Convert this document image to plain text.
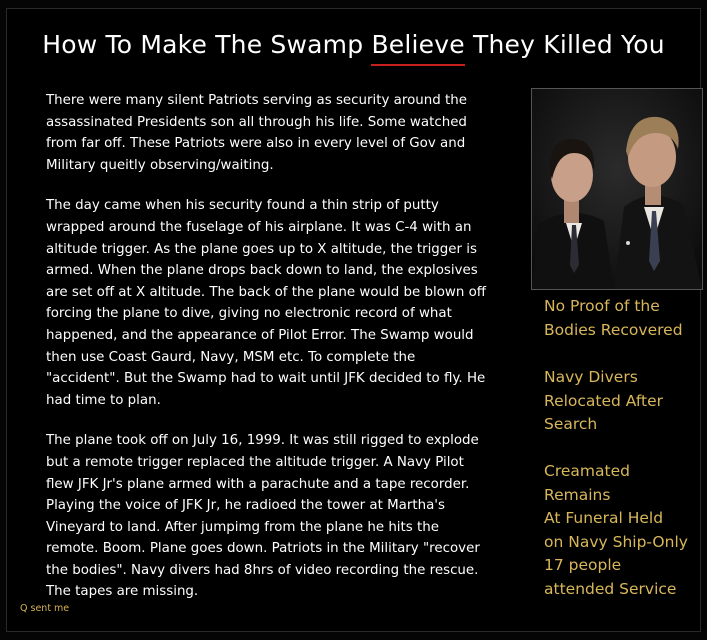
How To Make The Swamp Believe They Killed You

There were many silent Patriots serving as security around the
assassinated Presidents son all through his life. Some watched
from far off. These Patriots were also in every level of Gov and
Military queitly observing/waiting.

The day came when his security found a thin strip of putty
wrapped around the fuselage of his airplane. It was C-4 with an
altitude trigger. As the plane goes up to X altitude, the trigger is
armed. When the plane drops back down to land, the explosives
are set off at X altitude. The back of the plane would be blown off
forcing the plane to dive, giving no electronic record of what
happened, and the appearance of Pilot Error. The Swamp would
then use Coast Gaurd, Navy, MSM etc. To complete the
"accident". But the Swamp had to wait until JFK decided to fly. He
had time to plan.

The plane took off on July 16, 1999. It was still rigged to explode
but a remote trigger replaced the altitude trigger. A Navy Pilot
flew JFK Jr's plane armed with a parachute and a tape recorder.
Playing the voice of JFK Jr, he radioed the tower at Martha's
Vineyard to land. After jumpimg from the plane he hits the
remote. Boom. Plane goes down. Patriots in the Military "recover
the bodies". Navy divers had 8hrs of video recording the rescue.
The tapes are missing.

No Proof of the
Bodies Recovered
Navy Divers
Relocated After
Search
Creamated
Remains
At Funeral Held
on Navy Ship-Only
17 people
attended Service
Q sent me
